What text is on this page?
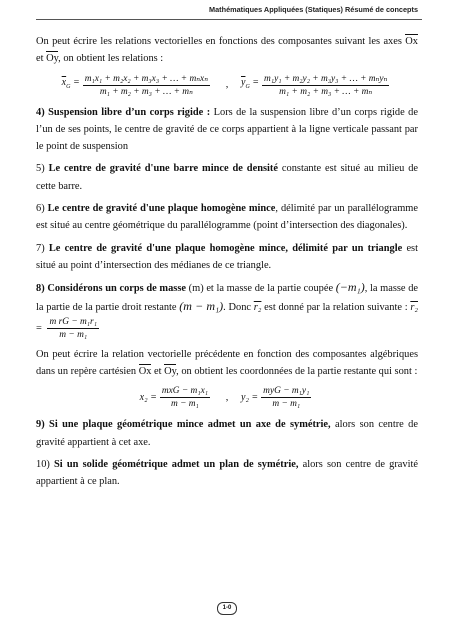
Mathématiques Appliquées (Statiques) Résumé de concepts

On peut écrire les relations vectorielles en fonctions des composantes suivant les axes Ox et Oy, on obtient les relations :

$\overline{x}_G = \frac{\text{m₁x₁ + m₂x₂ + m₃x₃ + … + mₙxₙ}}{\text{m₁ + m₂ + m₃ + … + mₙ}}$	,	$\overline{y}_G = \frac{\text{m₁y₁ + m₂y₂ + m₃y₃ + … + mₙyₙ}}{\text{m₁ + m₂ + m₃ + … + mₙ}}$

4) Suspension libre d’un corps rigide : Lors de la suspension libre d’un corps rigide de l’un de ses points, le centre de gravité de ce corps appartient à la ligne verticale passant par le point de suspension

5) Le centre de gravité d'une barre mince de densité constante est situé au milieu de cette barre.

6) Le centre de gravité d'une plaque homogène mince, délimité par un parallélogramme est situé au centre géométrique du parallélogramme (point d’intersection des diagonales).

7) Le centre de gravité d'une plaque homogène mince, délimité par un triangle est situé au point d’intersection des médianes de ce triangle.

8) Considérons un corps de masse (m) et la masse de la partie coupée (−m₁), la masse de la partie de la partie droit restante (m − m₁). Donc r₂ est donné par la relation suivante : $r_2 = \frac{\text{m rG − m₁r₁}}{\text{m − m₁}}$

On peut écrire la relation vectorielle précédente en fonction des composantes algébriques dans un repère cartésien Ox et Oy, on obtient les coordonnées de la partie restante qui sont :

$x_2 = \frac{\text{mxG − m₁x₁}}{\text{m − m₁}}$	,	$y_2 = \frac{\text{myG − m₁y₁}}{\text{m − m₁}}$

9) Si une plaque géométrique mince admet un axe de symétrie, alors son centre de gravité appartient à cet axe.

10) Si un solide géométrique admet un plan de symétrie, alors son centre de gravité appartient à ce plan.

1-0
